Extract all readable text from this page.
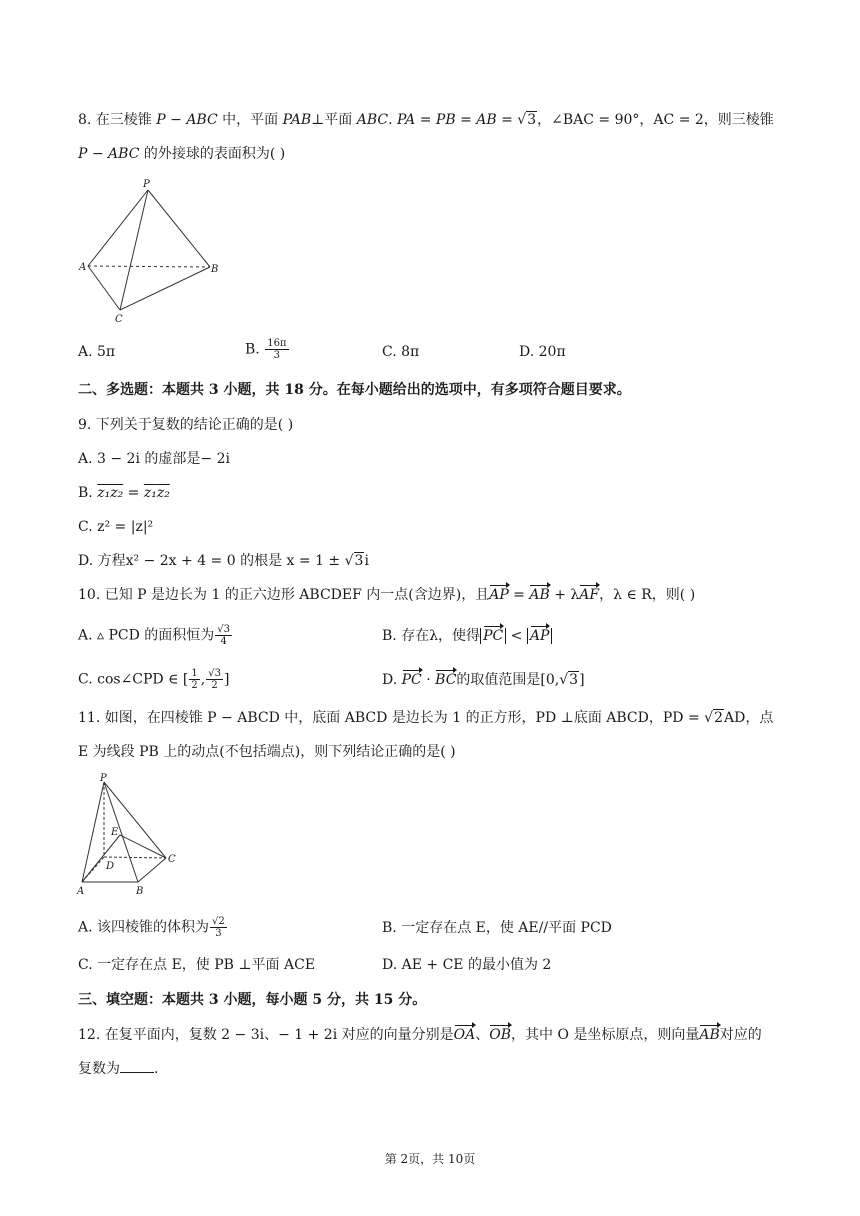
8. 在三棱锥 P − ABC 中，平面 PAB⊥平面 ABC. PA = PB = AB = √3，∠BAC = 90°，AC = 2，则三棱锥
P − ABC 的外接球的表面积为( )
P
A	B
C
A. 5π	B. $\frac{16\pi}{3}$	C. 8π	D. 20π
二、多选题：本题共 3 小题，共 18 分。在每小题给出的选项中，有多项符合题目要求。
9. 下列关于复数的结论正确的是( )
A. 3 − 2i 的虚部是− 2i
B. z₁z₂ = z₁z₂
C. z² = |z|²
D. 方程x² − 2x + 4 = 0 的根是 x = 1 ± √3i
10. 已知 P 是边长为 1 的正六边形 ABCDEF 内一点(含边界)，且AP = AB + λAF，λ ∈ R，则( )
A. ▵ PCD 的面积恒为 $\frac{√3}{4}$	B. 存在λ，使得 PC < AP
C. cos∠CPD ∈ [ $\frac{1}{2}$ , $\frac{√3}{2}$ ]	D. PC · BC的取值范围是[0,√3]
11. 如图，在四棱锥 P − ABCD 中，底面 ABCD 是边长为 1 的正方形，PD ⊥底面 ABCD，PD = √2AD，点
E 为线段 PB 上的动点(不包括端点)，则下列结论正确的是( )
P
E
D
A	B
C
A. 该四棱锥的体积为 $\frac{√2}{3}$	B. 一定存在点 E，使 AE//平面 PCD
C. 一定存在点 E，使 PB ⊥平面 ACE	D. AE + CE 的最小值为 2
三、填空题：本题共 3 小题，每小题 5 分，共 15 分。
12. 在复平面内，复数 2 − 3i、− 1 + 2i 对应的向量分别是OA、OB，其中 O 是坐标原点，则向量AB对应的
复数为 .
第 2页，共 10页
